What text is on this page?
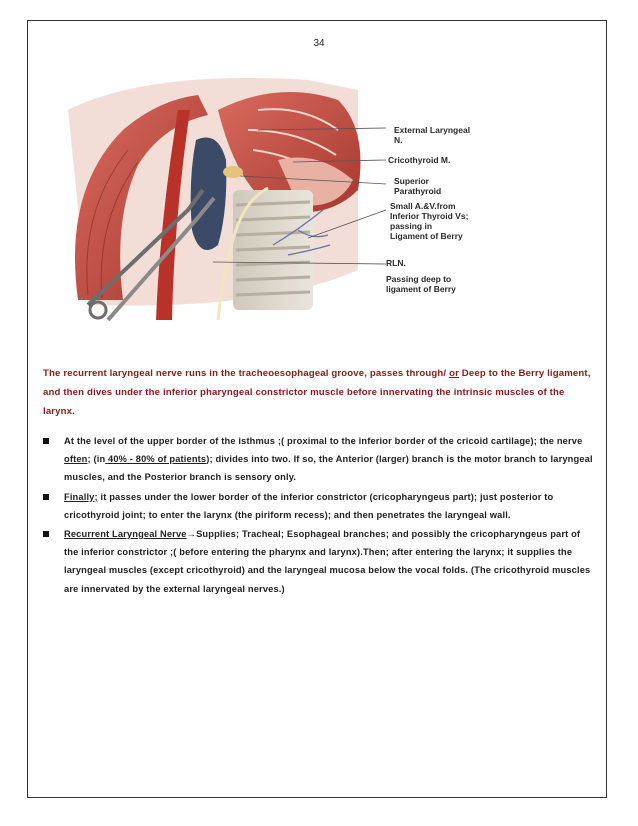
34
External Laryngeal
N.
Cricothyroid M.
Superior
Parathyroid
Small A.&V.from
Inferior Thyroid Vs;
passing in
Ligament of Berry
RLN.
Passing deep to
ligament of Berry
The recurrent laryngeal nerve runs in the tracheoesophageal groove, passes through/ or Deep to the Berry ligament, and then dives under the inferior pharyngeal constrictor muscle before innervating the intrinsic muscles of the larynx.
At the level of the upper border of the isthmus ;( proximal to the inferior border of the cricoid cartilage); the nerve often; (in 40% - 80% of patients); divides into two. If so, the Anterior (larger) branch is the motor branch to laryngeal muscles, and the Posterior branch is sensory only.
Finally; it passes under the lower border of the inferior constrictor (cricopharyngeus part); just posterior to cricothyroid joint; to enter the larynx (the piriform recess); and then penetrates the laryngeal wall.
Recurrent Laryngeal Nerve→Supplies; Tracheal; Esophageal branches; and possibly the cricopharyngeus part of the inferior constrictor ;( before entering the pharynx and larynx).Then; after entering the larynx; it supplies the laryngeal muscles (except cricothyroid) and the laryngeal mucosa below the vocal folds. (The cricothyroid muscles are innervated by the external laryngeal nerves.)
